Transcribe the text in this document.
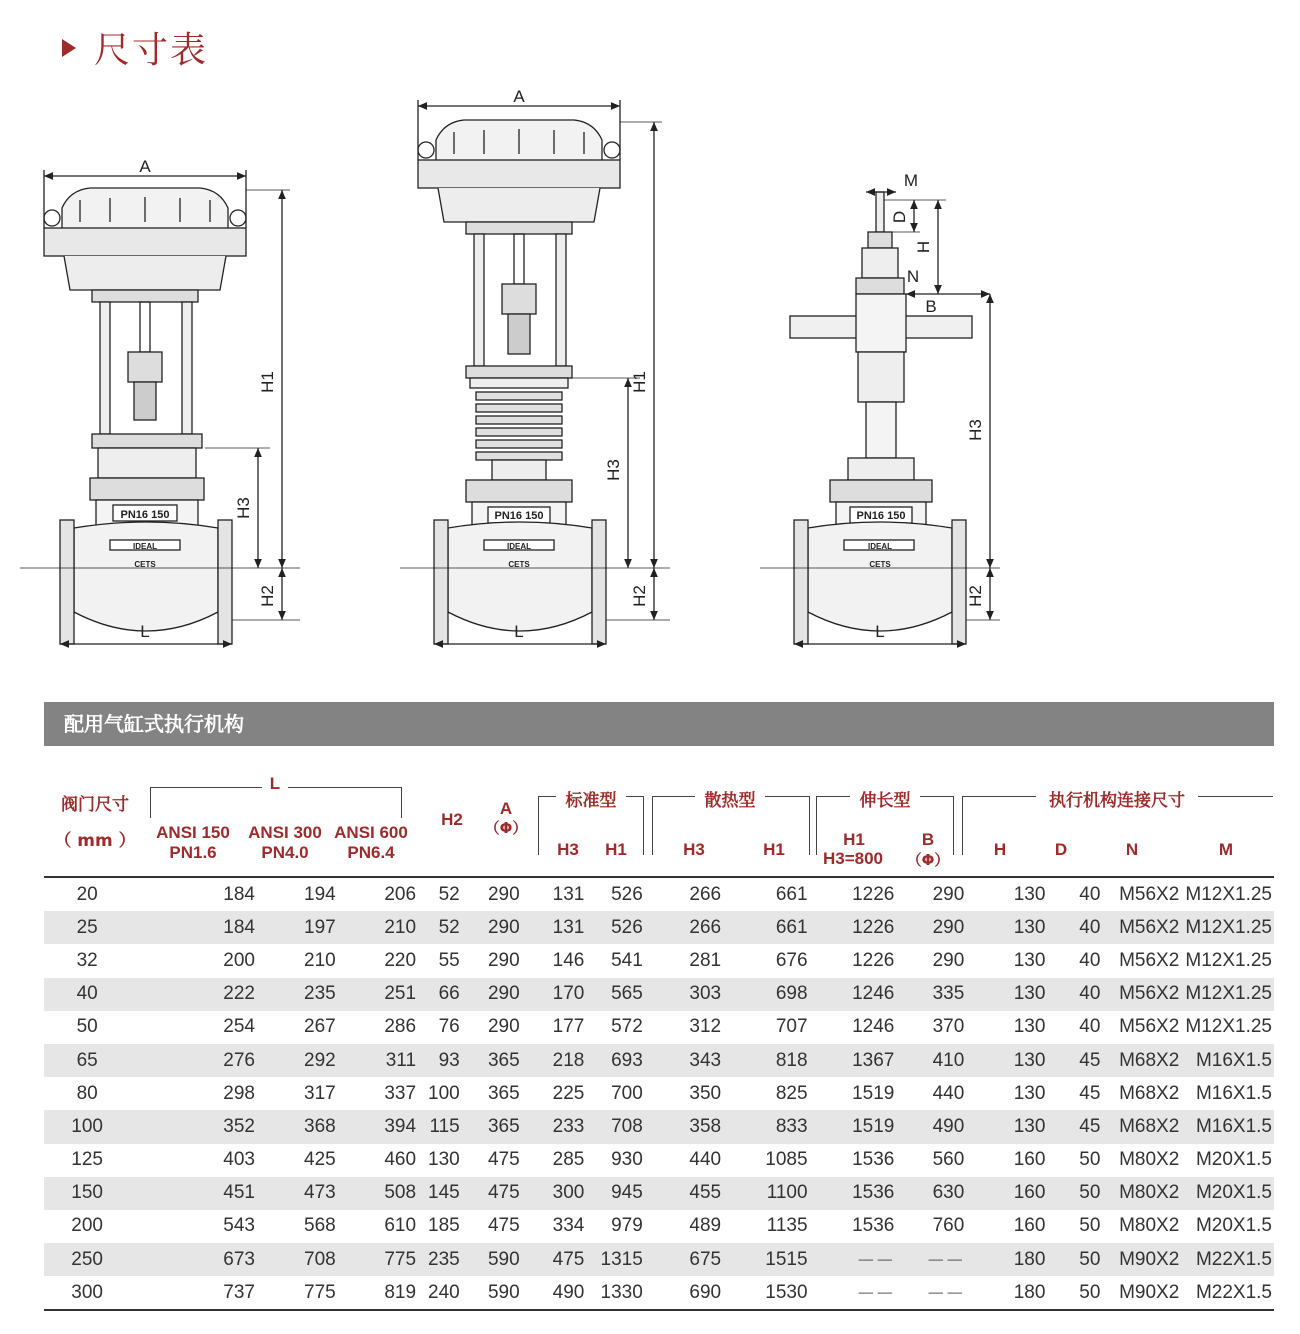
尺寸表
A
L
H1
H3
H2
PN16 150
IDEAL
CETS
A
L
H1
H3
H2
PN16 150
IDEAL
CETS
M
D
H
N
B
H3
H2
L
PN16 150
IDEAL
CETS
配用气缸式执行机构
阀门尺寸
（ mm ）
L
ANSI 150
PN1.6
ANSI 300
PN4.0
ANSI 600
PN6.4
H2
A
（Φ）
标准型
H3	H1
散热型
H3	H1
伸长型
H1
H3=800
B
（Φ）
执行机构连接尺寸
H	D	N	M
20	184	194	206	52	290	131	526	266	661	1226	290	130	40	M56X2	M12X1.25
25	184	197	210	52	290	131	526	266	661	1226	290	130	40	M56X2	M12X1.25
32	200	210	220	55	290	146	541	281	676	1226	290	130	40	M56X2	M12X1.25
40	222	235	251	66	290	170	565	303	698	1246	335	130	40	M56X2	M12X1.25
50	254	267	286	76	290	177	572	312	707	1246	370	130	40	M56X2	M12X1.25
65	276	292	311	93	365	218	693	343	818	1367	410	130	45	M68X2	M16X1.5
80	298	317	337	100	365	225	700	350	825	1519	440	130	45	M68X2	M16X1.5
100	352	368	394	115	365	233	708	358	833	1519	490	130	45	M68X2	M16X1.5
125	403	425	460	130	475	285	930	440	1085	1536	560	160	50	M80X2	M20X1.5
150	451	473	508	145	475	300	945	455	1100	1536	630	160	50	M80X2	M20X1.5
200	543	568	610	185	475	334	979	489	1135	1536	760	160	50	M80X2	M20X1.5
250	673	708	775	235	590	475	1315	675	1515	－－	－－	180	50	M90X2	M22X1.5
300	737	775	819	240	590	490	1330	690	1530	－－	－－	180	50	M90X2	M22X1.5
